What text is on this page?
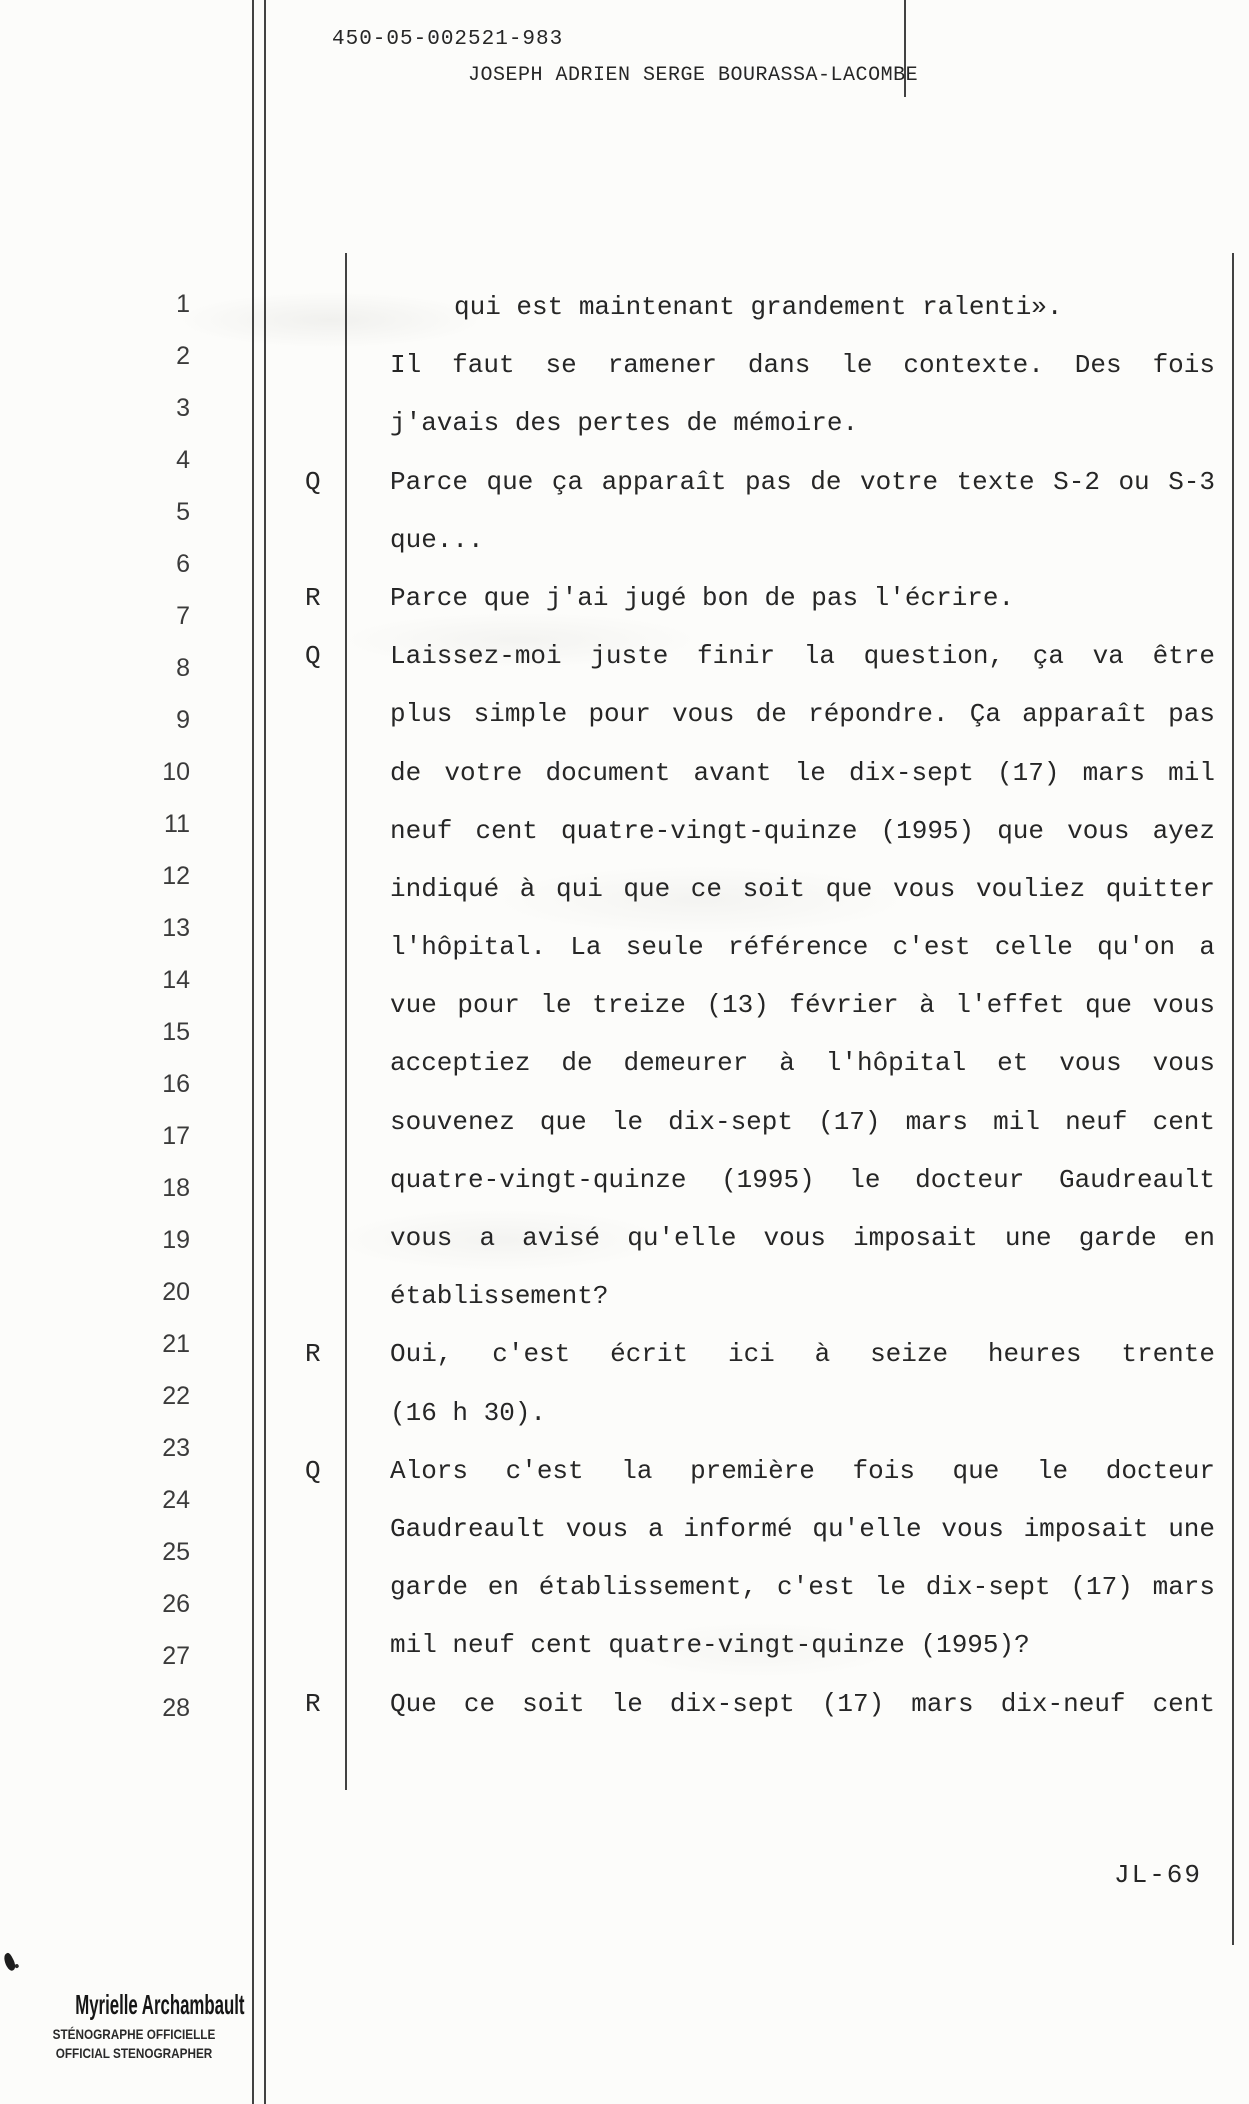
450-05-002521-983
JOSEPH ADRIEN SERGE BOURASSA-LACOMBE
1
2
3
4
5
6
7
8
9
10
11
12
13
14
15
16
17
18
19
20
21
22
23
24
25
26
27
28
qui est maintenant grandement ralenti».
Il faut se ramener dans le contexte. Des fois
j'avais des pertes de mémoire.
Q	Parce que ça apparaît pas de votre texte S-2 ou S-3
que...
R	Parce que j'ai jugé bon de pas l'écrire.
Q	Laissez-moi juste finir la question, ça va être
plus simple pour vous de répondre. Ça apparaît pas
de votre document avant le dix-sept (17) mars mil
neuf cent quatre-vingt-quinze (1995) que vous ayez
indiqué à qui que ce soit que vous vouliez quitter
l'hôpital. La seule référence c'est celle qu'on a
vue pour le treize (13) février à l'effet que vous
acceptiez de demeurer à l'hôpital et vous vous
souvenez que le dix-sept (17) mars mil neuf cent
quatre-vingt-quinze (1995) le docteur Gaudreault
vous a avisé qu'elle vous imposait une garde en
établissement?
R	Oui, c'est écrit ici à seize heures trente
(16 h 30).
Q	Alors c'est la première fois que le docteur
Gaudreault vous a informé qu'elle vous imposait une
garde en établissement, c'est le dix-sept (17) mars
mil neuf cent quatre-vingt-quinze (1995)?
R	Que ce soit le dix-sept (17) mars dix-neuf cent
JL-69
Myrielle Archambault
STÉNOGRAPHE OFFICIELLE
OFFICIAL STENOGRAPHER
